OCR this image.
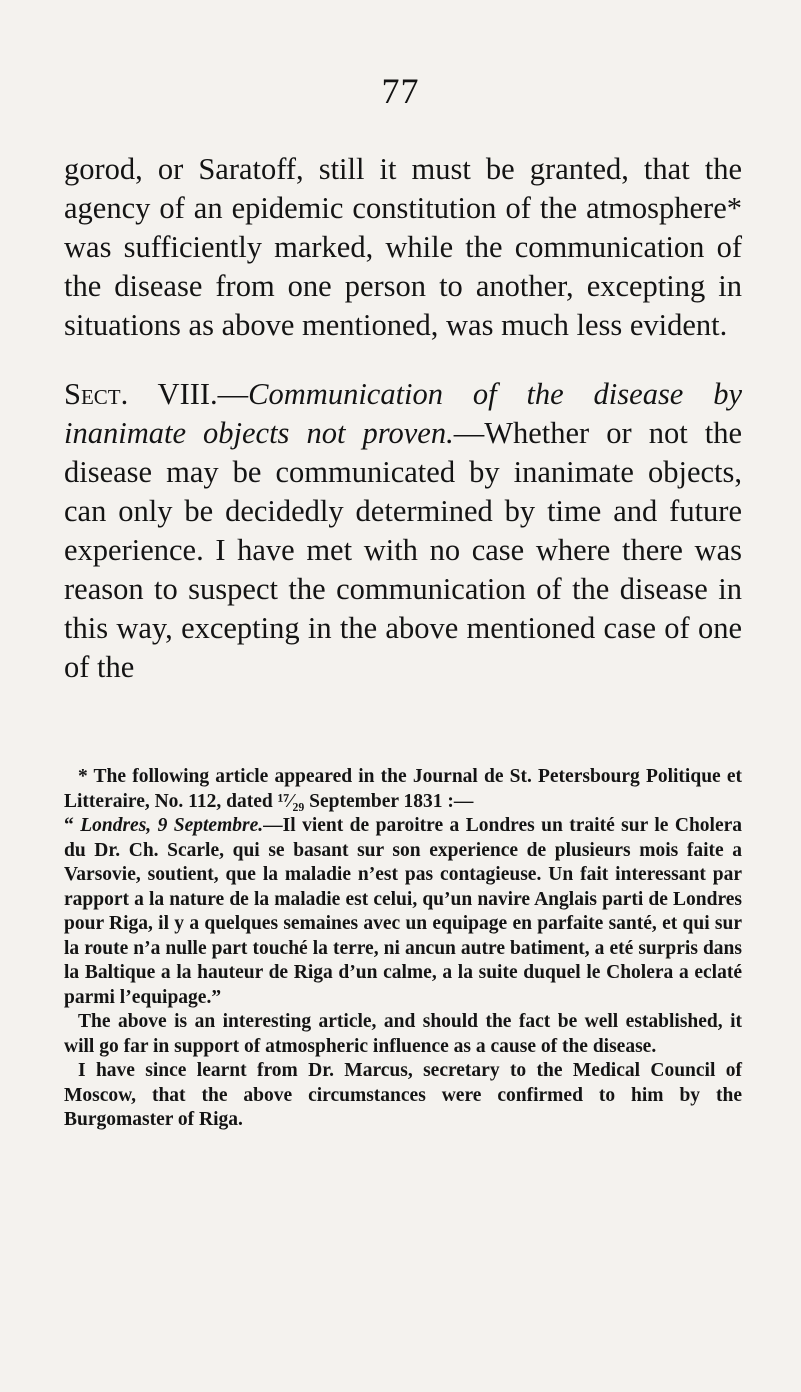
77

gorod, or Saratoff, still it must be granted, that the agency of an epidemic constitution of the atmosphere* was sufficiently marked, while the communication of the disease from one person to another, excepting in situations as above mentioned, was much less evident.

Sect. VIII.—Communication of the disease by inanimate objects not proven.—Whether or not the disease may be communicated by inanimate objects, can only be decidedly determined by time and future experience. I have met with no case where there was reason to suspect the communication of the disease in this way, excepting in the above mentioned case of one of the

* The following article appeared in the Journal de St. Petersbourg Politique et Litteraire, No. 112, dated ¹⁷⁄₂₉ September 1831 :—

“ Londres, 9 Septembre.—Il vient de paroitre a Londres un traité sur le Cholera du Dr. Ch. Scarle, qui se basant sur son experience de plusieurs mois faite a Varsovie, soutient, que la maladie n’est pas contagieuse. Un fait interessant par rapport a la nature de la maladie est celui, qu’un navire Anglais parti de Londres pour Riga, il y a quelques semaines avec un equipage en parfaite santé, et qui sur la route n’a nulle part touché la terre, ni ancun autre batiment, a eté surpris dans la Baltique a la hauteur de Riga d’un calme, a la suite duquel le Cholera a eclaté parmi l’equipage.”

The above is an interesting article, and should the fact be well established, it will go far in support of atmospheric influence as a cause of the disease.

I have since learnt from Dr. Marcus, secretary to the Medical Council of Moscow, that the above circumstances were confirmed to him by the Burgomaster of Riga.
